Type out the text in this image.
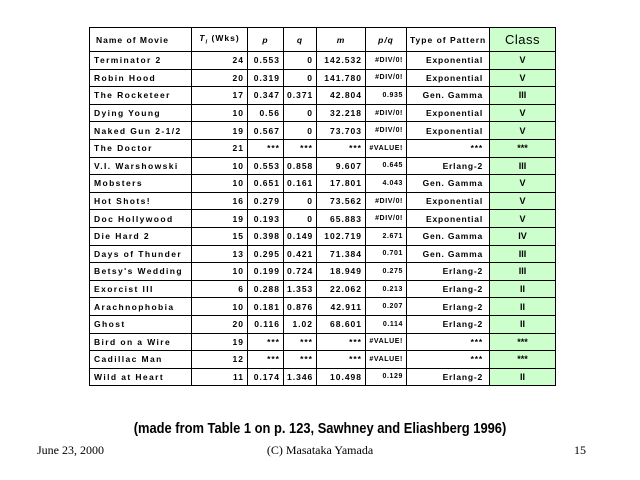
Name of Movie	$T_i$ (Wks)	p	q	m	p/q	Type of Pattern	Class
Terminator 2	24	0.553	0	142.532	#DIV/0!	Exponential	V
Robin Hood	20	0.319	0	141.780	#DIV/0!	Exponential	V
The Rocketeer	17	0.347	0.371	42.804	0.935	Gen. Gamma	III
Dying Young	10	0.56	0	32.218	#DIV/0!	Exponential	V
Naked Gun 2-1/2	19	0.567	0	73.703	#DIV/0!	Exponential	V
The Doctor	21	***	***	***	#VALUE!	***	***
V.I. Warshowski	10	0.553	0.858	9.607	0.645	Erlang-2	III
Mobsters	10	0.651	0.161	17.801	4.043	Gen. Gamma	V
Hot Shots!	16	0.279	0	73.562	#DIV/0!	Exponential	V
Doc Hollywood	19	0.193	0	65.883	#DIV/0!	Exponential	V
Die Hard 2	15	0.398	0.149	102.719	2.671	Gen. Gamma	IV
Days of Thunder	13	0.295	0.421	71.384	0.701	Gen. Gamma	III
Betsy's Wedding	10	0.199	0.724	18.949	0.275	Erlang-2	III
Exorcist III	6	0.288	1.353	22.062	0.213	Erlang-2	II
Arachnophobia	10	0.181	0.876	42.911	0.207	Erlang-2	II
Ghost	20	0.116	1.02	68.601	0.114	Erlang-2	II
Bird on a Wire	19	***	***	***	#VALUE!	***	***
Cadillac Man	12	***	***	***	#VALUE!	***	***
Wild at Heart	11	0.174	1.346	10.498	0.129	Erlang-2	II
(made from Table 1 on p. 123, Sawhney and Eliashberg 1996)
June 23, 2000	(C) Masataka Yamada	15
